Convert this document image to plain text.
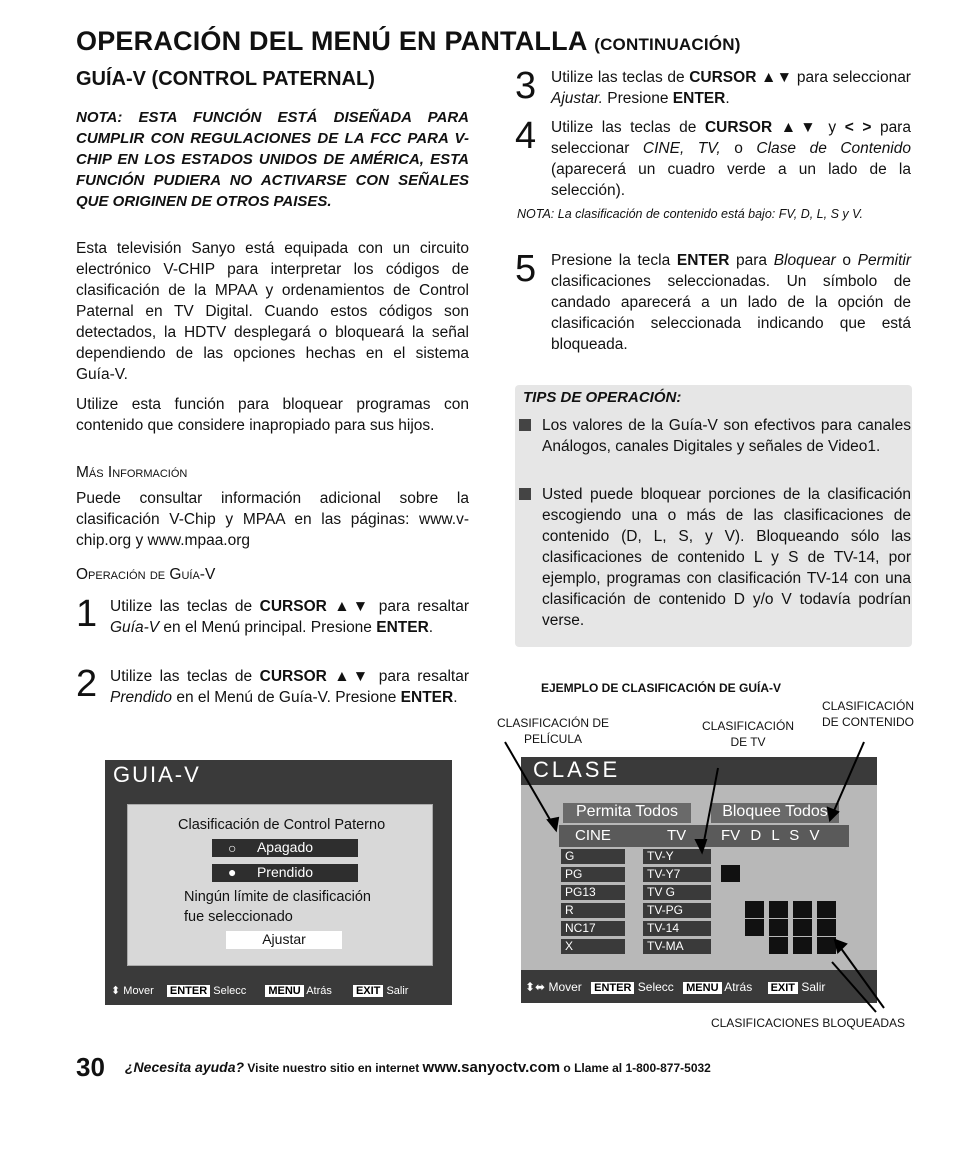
OPERACIÓN DEL MENÚ EN PANTALLA (CONTINUACIÓN)
GUÍA-V (CONTROL PATERNAL)
NOTA: ESTA FUNCIÓN ESTÁ DISEÑADA PARA CUMPLIR CON REGULACIONES DE LA FCC PARA V-CHIP EN LOS ESTADOS UNIDOS DE AMÉRICA, ESTA FUNCIÓN PUDIERA NO ACTIVARSE CON SEÑALES QUE ORIGINEN DE OTROS PAISES.
Esta televisión Sanyo está equipada con un circuito electrónico V-CHIP para interpretar los códigos de clasificación de la MPAA y ordenamientos de Control Paternal en TV Digital. Cuando estos códigos son detectados, la HDTV desplegará o bloqueará la señal dependiendo de las opciones hechas en el sistema Guía-V.
Utilize esta función para bloquear programas con contenido que considere inapropiado para sus hijos.
Más Información
Puede consultar información adicional sobre la clasificación V-Chip y MPAA en las páginas: www.v-chip.org y www.mpaa.org
Operación de Guía-V
1 Utilize las teclas de CURSOR ▲▼ para resaltar Guía-V en el Menú principal. Presione ENTER.
2 Utilize las teclas de CURSOR ▲▼ para resaltar Prendido en el Menú de Guía-V. Presione ENTER.
GUIA-V
Clasificación de Control Paterno
○ Apagado
● Prendido
Ningún límite de clasificación
fue seleccionado
Ajustar
⬍ Mover ENTER Selecc MENU Atrás EXIT Salir
3 Utilize las teclas de CURSOR ▲▼ para seleccionar Ajustar. Presione ENTER.
4 Utilize las teclas de CURSOR ▲▼ y < > para seleccionar CINE, TV, o Clase de Contenido (aparecerá un cuadro verde a un lado de la selección).
NOTA: La clasificación de contenido está bajo: FV, D, L, S y V.
5 Presione la tecla ENTER para Bloquear o Permitir clasificaciones seleccionadas. Un símbolo de candado aparecerá a un lado de la opción de clasificación seleccionada indicando que está bloqueada.
TIPS DE OPERACIÓN:
Los valores de la Guía-V son efectivos para canales Análogos, canales Digitales y señales de Video1.
Usted puede bloquear porciones de la clasificación escogiendo una o más de las clasificaciones de contenido (D, L, S, y V). Bloqueando sólo las clasificaciones de contenido L y S de TV-14, por ejemplo, programas con clasificación TV-14 con una clasificación de contenido D y/o V todavía podrían verse.
EJEMPLO DE CLASIFICACIÓN DE GUÍA-V
CLASIFICACIÓN DE PELÍCULA
CLASIFICACIÓN DE TV
CLASIFICACIÓN DE CONTENIDO
CLASIFICACIONES BLOQUEADAS
CLASE
Permita Todos	Bloquee Todos
CINE	TV FV D L S V
G
PG
PG13
R
NC17
X
TV-Y
TV-Y7
TV G
TV-PG
TV-14
TV-MA
⬍⬌ Mover ENTER Selecc MENU Atrás EXIT Salir
30 ¿Necesita ayuda? Visite nuestro sitio en internet www.sanyoctv.com o Llame al 1-800-877-5032
